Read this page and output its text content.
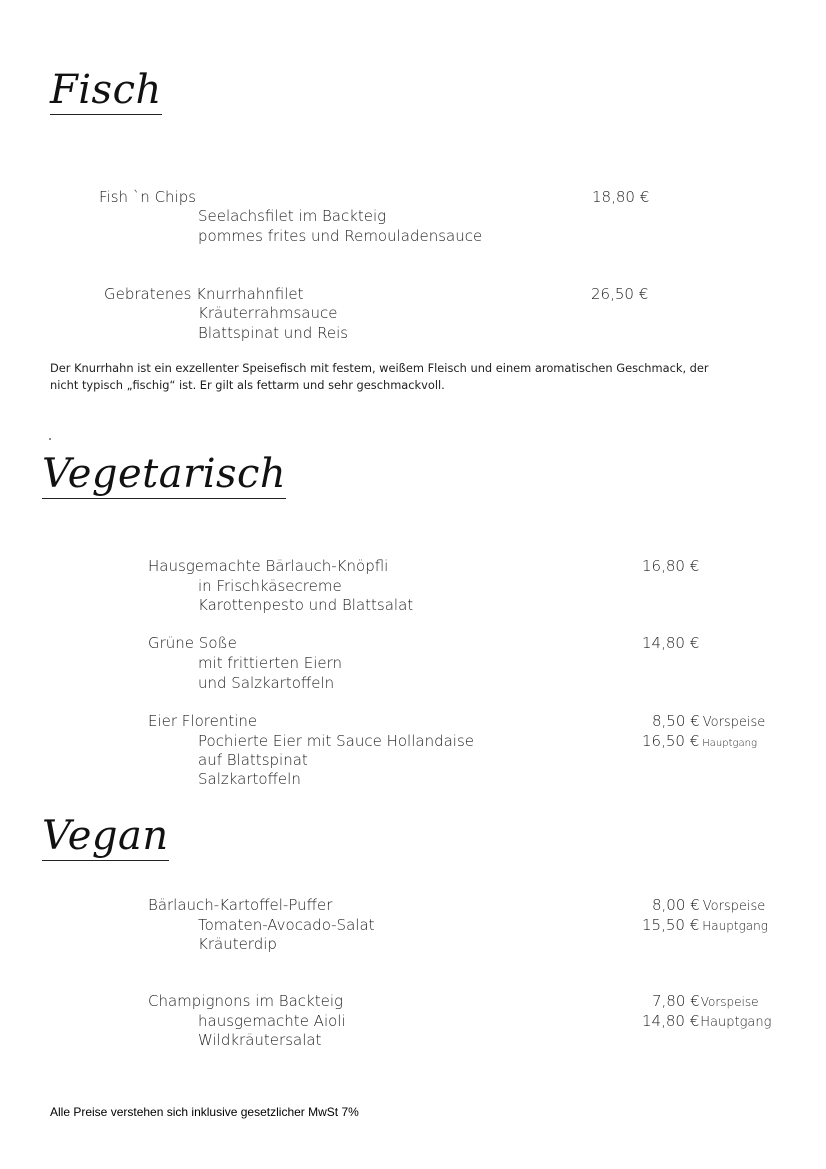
Fisch
Fish `n Chips
Seelachsfilet im Backteig
pommes frites und Remouladensauce
18,80 €
Gebratenes Knurrhahnfilet
Kräuterrahmsauce
Blattspinat und Reis
26,50 €

Der Knurrhahn ist ein exzellenter Speisefisch mit festem, weißem Fleisch und einem aromatischen Geschmack, der
nicht typisch „fischig“ ist. Er gilt als fettarm und sehr geschmackvoll.

Vegetarisch
Hausgemachte Bärlauch-Knöpfli
in Frischkäsecreme
Karottenpesto und Blattsalat
16,80 €
Grüne Soße
mit frittierten Eiern
und Salzkartoffeln
14,80 €
Eier Florentine
Pochierte Eier mit Sauce Hollandaise
auf Blattspinat
Salzkartoffeln
8,50 € Vorspeise
16,50 € Hauptgang
Vegan
Bärlauch-Kartoffel-Puffer
Tomaten-Avocado-Salat
Kräuterdip
8,00 € Vorspeise
15,50 € Hauptgang
Champignons im Backteig
hausgemachte Aioli
Wildkräutersalat
7,80 €Vorspeise
14,80 €Hauptgang

Alle Preise verstehen sich inklusive gesetzlicher MwSt 7%
